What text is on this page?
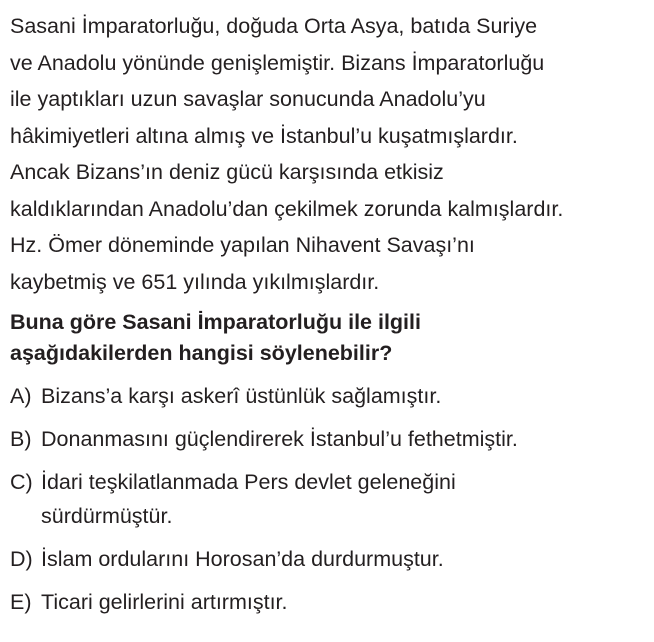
Sasani İmparatorluğu, doğuda Orta Asya, batıda Suriye
ve Anadolu yönünde genişlemiştir. Bizans İmparatorluğu
ile yaptıkları uzun savaşlar sonucunda Anadolu’yu
hâkimiyetleri altına almış ve İstanbul’u kuşatmışlardır.
Ancak Bizans’ın deniz gücü karşısında etkisiz
kaldıklarından Anadolu’dan çekilmek zorunda kalmışlardır.
Hz. Ömer döneminde yapılan Nihavent Savaşı’nı
kaybetmiş ve 651 yılında yıkılmışlardır.

Buna göre Sasani İmparatorluğu ile ilgili
aşağıdakilerden hangisi söylenebilir?

A) Bizans’a karşı askerî üstünlük sağlamıştır.
B) Donanmasını güçlendirerek İstanbul’u fethetmiştir.
C) İdari teşkilatlanmada Pers devlet geleneğini
sürdürmüştür.
D) İslam ordularını Horosan’da durdurmuştur.
E) Ticari gelirlerini artırmıştır.
